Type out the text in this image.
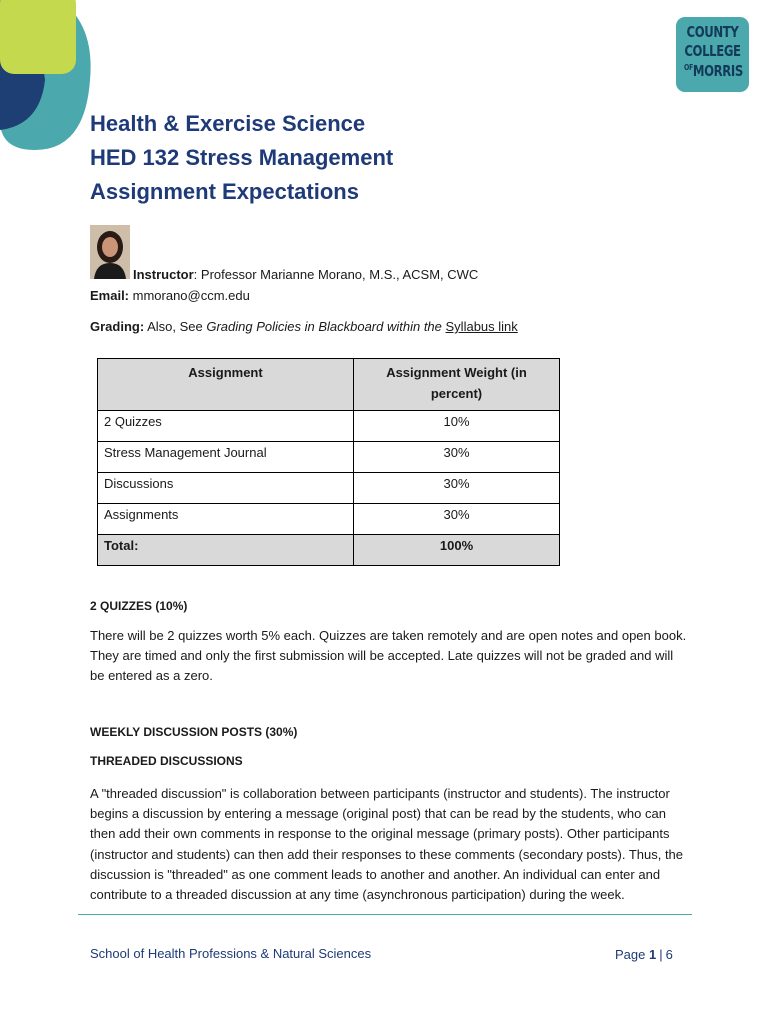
COUNTY
COLLEGE
$^{OF}$MORRIS
Health & Exercise Science
HED 132 Stress Management
Assignment Expectations
Instructor: Professor Marianne Morano, M.S., ACSM, CWC
Email: mmorano@ccm.edu
Grading: Also, See Grading Policies in Blackboard within the Syllabus link
Assignment	Assignment Weight (in percent)
2 Quizzes	10%
Stress Management Journal	30%
Discussions	30%
Assignments	30%
Total:	100%
2 QUIZZES (10%)
There will be 2 quizzes worth 5% each. Quizzes are taken remotely and are open notes and open book. They are timed and only the first submission will be accepted. Late quizzes will not be graded and will be entered as a zero.
WEEKLY DISCUSSION POSTS (30%)
THREADED DISCUSSIONS
A "threaded discussion" is collaboration between participants (instructor and students). The instructor begins a discussion by entering a message (original post) that can be read by the students, who can then add their own comments in response to the original message (primary posts). Other participants (instructor and students) can then add their responses to these comments (secondary posts). Thus, the discussion is "threaded" as one comment leads to another and another. An individual can enter and contribute to a threaded discussion at any time (asynchronous participation) during the week.
School of Health Professions & Natural Sciences	Page 1 | 6
